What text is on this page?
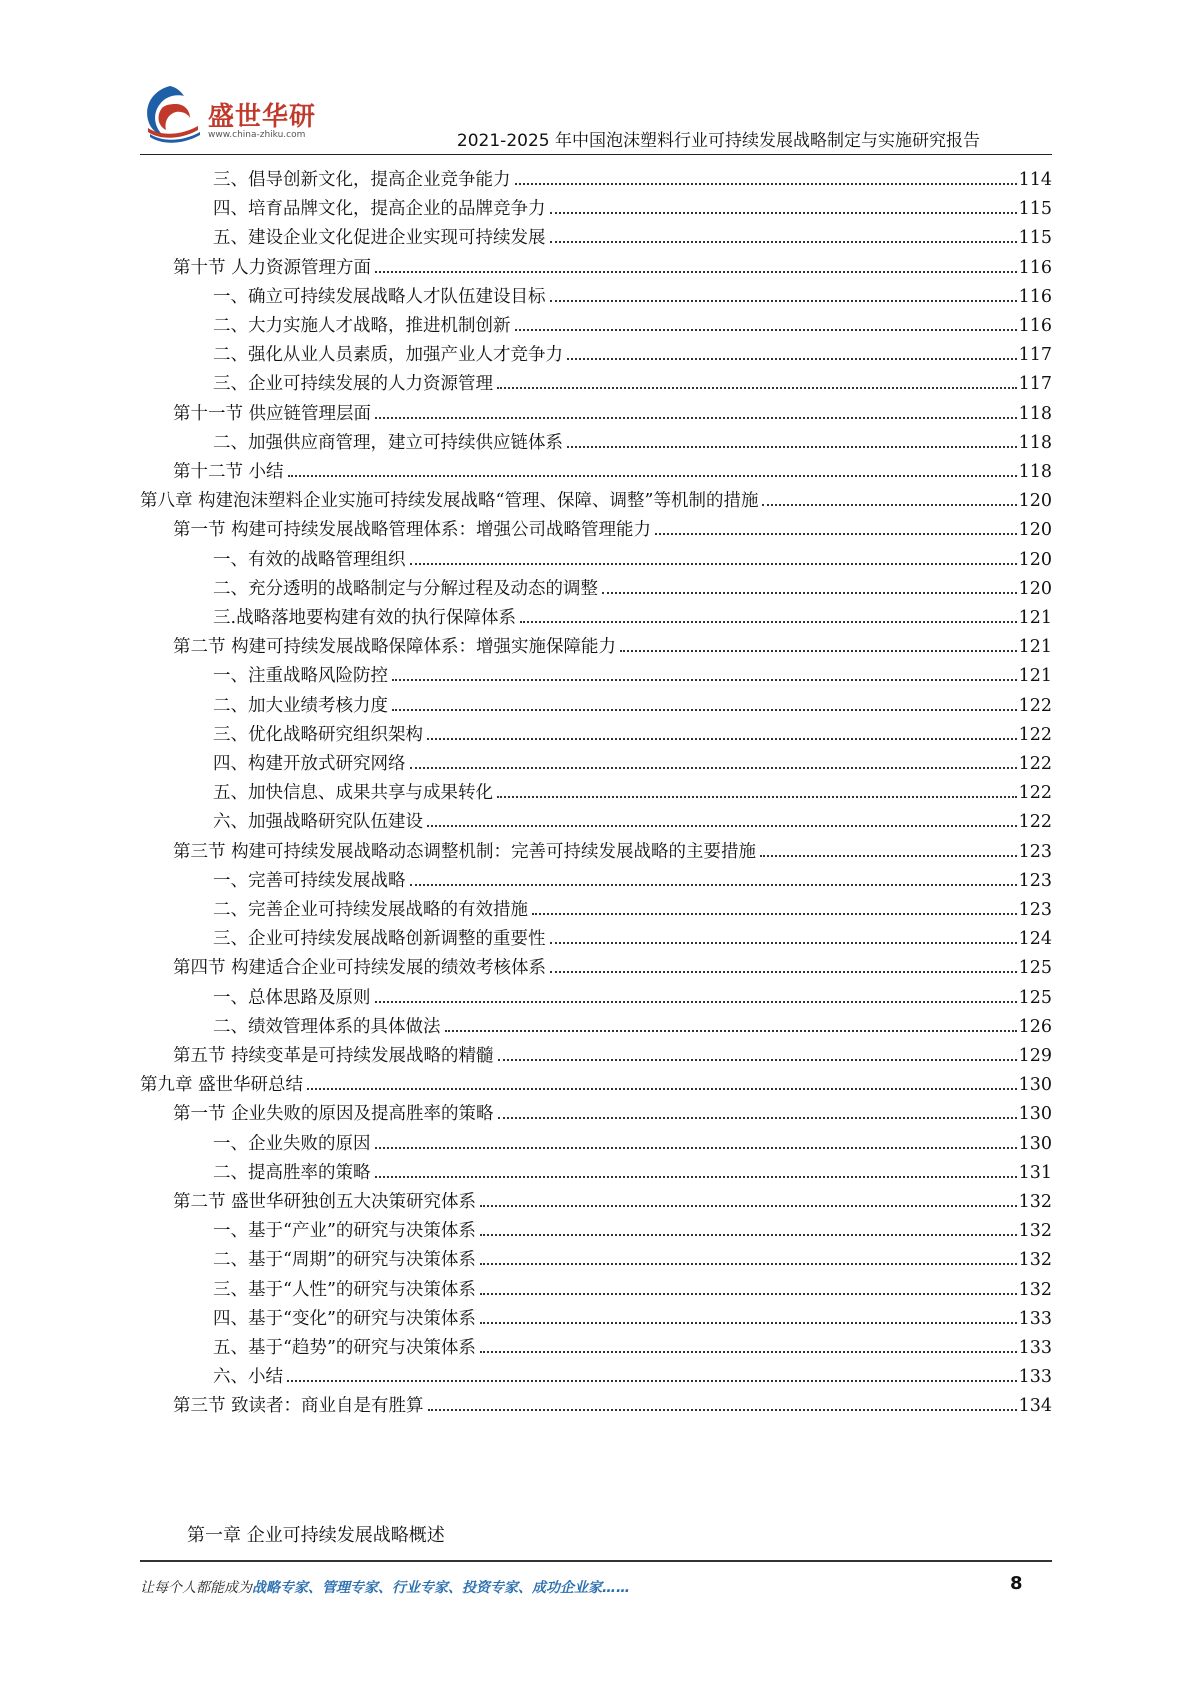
盛世华研
www.china-zhiku.com	2021-2025 年中国泡沫塑料行业可持续发展战略制定与实施研究报告
三、倡导创新文化，提高企业竞争能力	114
四、培育品牌文化，提高企业的品牌竞争力	115
五、建设企业文化促进企业实现可持续发展	115
第十节 人力资源管理方面	116
一、确立可持续发展战略人才队伍建设目标	116
二、大力实施人才战略，推进机制创新	116
二、强化从业人员素质，加强产业人才竞争力	117
三、企业可持续发展的人力资源管理	117
第十一节 供应链管理层面	118
二、加强供应商管理，建立可持续供应链体系	118
第十二节 小结	118
第八章 构建泡沫塑料企业实施可持续发展战略“管理、保障、调整”等机制的措施	120
第一节 构建可持续发展战略管理体系：增强公司战略管理能力	120
一、有效的战略管理组织	120
二、充分透明的战略制定与分解过程及动态的调整	120
三.战略落地要构建有效的执行保障体系	121
第二节 构建可持续发展战略保障体系：增强实施保障能力	121
一、注重战略风险防控	121
二、加大业绩考核力度	122
三、优化战略研究组织架构	122
四、构建开放式研究网络	122
五、加快信息、成果共享与成果转化	122
六、加强战略研究队伍建设	122
第三节 构建可持续发展战略动态调整机制：完善可持续发展战略的主要措施	123
一、完善可持续发展战略	123
二、完善企业可持续发展战略的有效措施	123
三、企业可持续发展战略创新调整的重要性	124
第四节 构建适合企业可持续发展的绩效考核体系	125
一、总体思路及原则	125
二、绩效管理体系的具体做法	126
第五节 持续变革是可持续发展战略的精髓	129
第九章 盛世华研总结	130
第一节 企业失败的原因及提高胜率的策略	130
一、企业失败的原因	130
二、提高胜率的策略	131
第二节 盛世华研独创五大决策研究体系	132
一、基于“产业”的研究与决策体系	132
二、基于“周期”的研究与决策体系	132
三、基于“人性”的研究与决策体系	132
四、基于“变化”的研究与决策体系	133
五、基于“趋势”的研究与决策体系	133
六、小结	133
第三节 致读者：商业自是有胜算	134
第一章 企业可持续发展战略概述
让每个人都能成为战略专家、管理专家、行业专家、投资专家、成功企业家……	8
